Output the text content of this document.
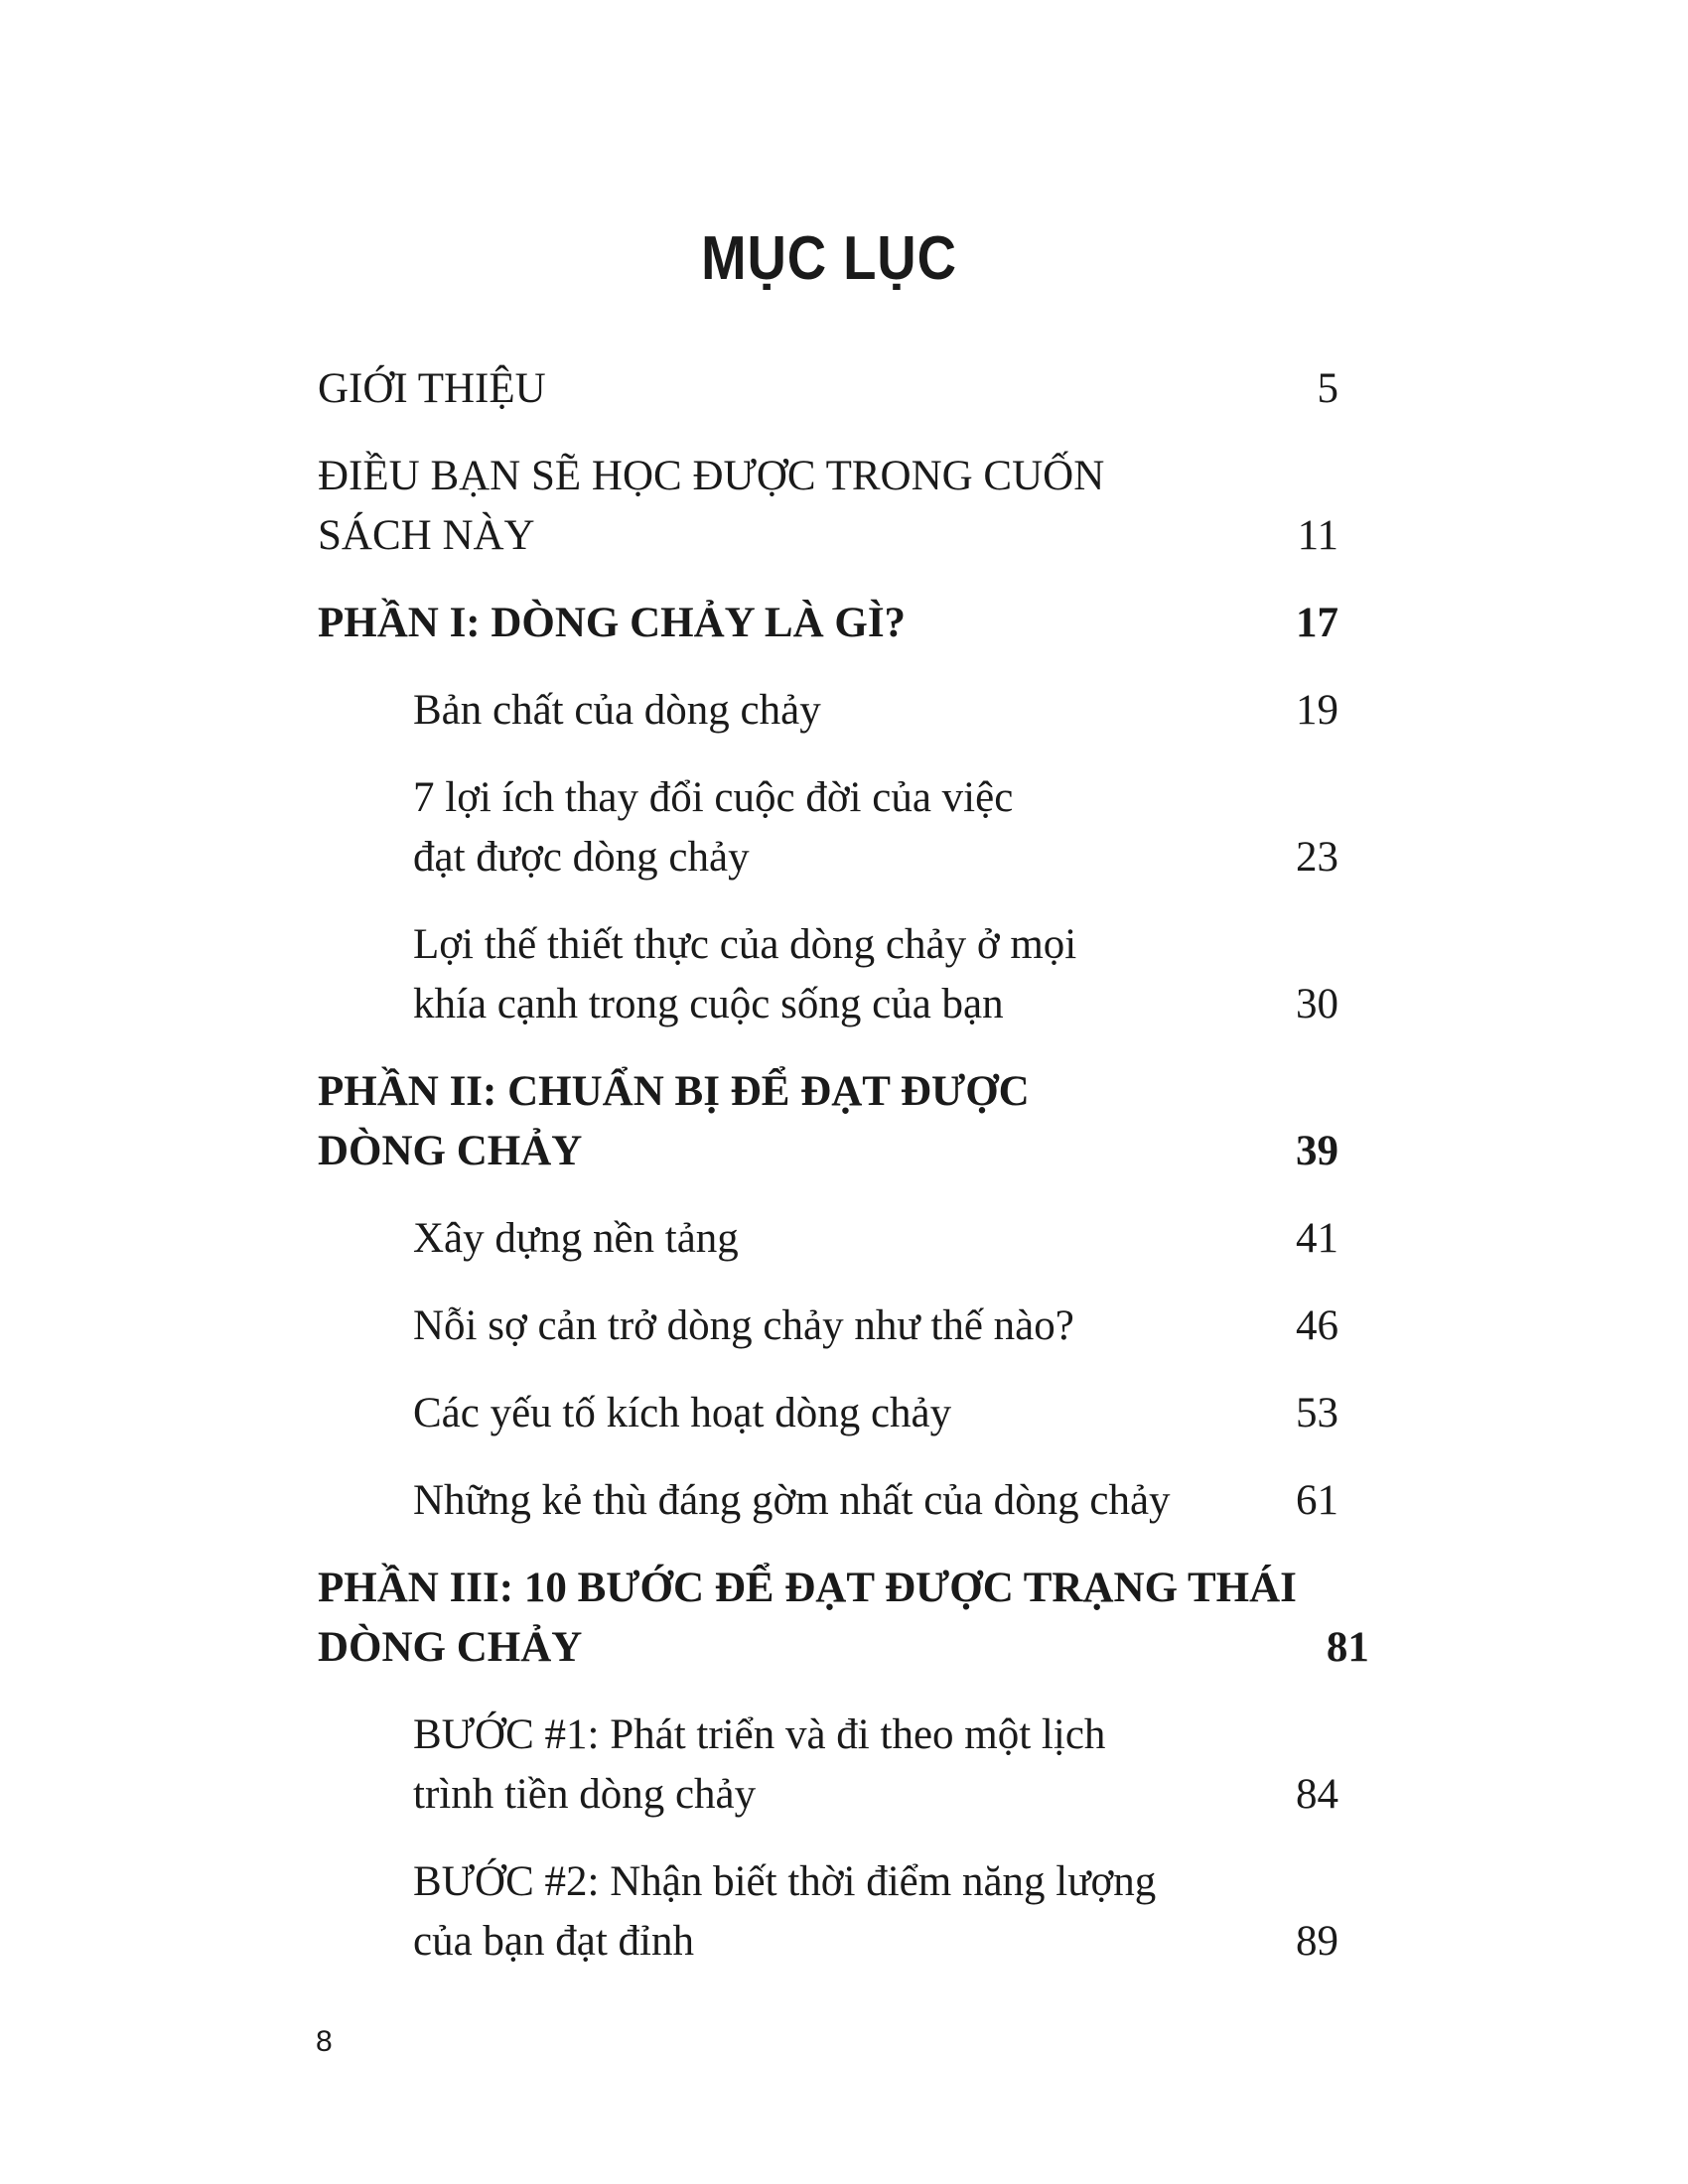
MỤC LỤC
GIỚI THIỆU	5
ĐIỀU BẠN SẼ HỌC ĐƯỢC TRONG CUỐN
SÁCH NÀY	11
PHẦN I: DÒNG CHẢY LÀ GÌ?	17
Bản chất của dòng chảy	19
7 lợi ích thay đổi cuộc đời của việc
đạt được dòng chảy	23
Lợi thế thiết thực của dòng chảy ở mọi
khía cạnh trong cuộc sống của bạn	30
PHẦN II: CHUẨN BỊ ĐỂ ĐẠT ĐƯỢC
DÒNG CHẢY	39
Xây dựng nền tảng	41
Nỗi sợ cản trở dòng chảy như thế nào?	46
Các yếu tố kích hoạt dòng chảy	53
Những kẻ thù đáng gờm nhất của dòng chảy	61
PHẦN III: 10 BƯỚC ĐỂ ĐẠT ĐƯỢC TRẠNG THÁI
DÒNG CHẢY	81
BƯỚC #1: Phát triển và đi theo một lịch
trình tiền dòng chảy	84
BƯỚC #2: Nhận biết thời điểm năng lượng
của bạn đạt đỉnh	89

8
